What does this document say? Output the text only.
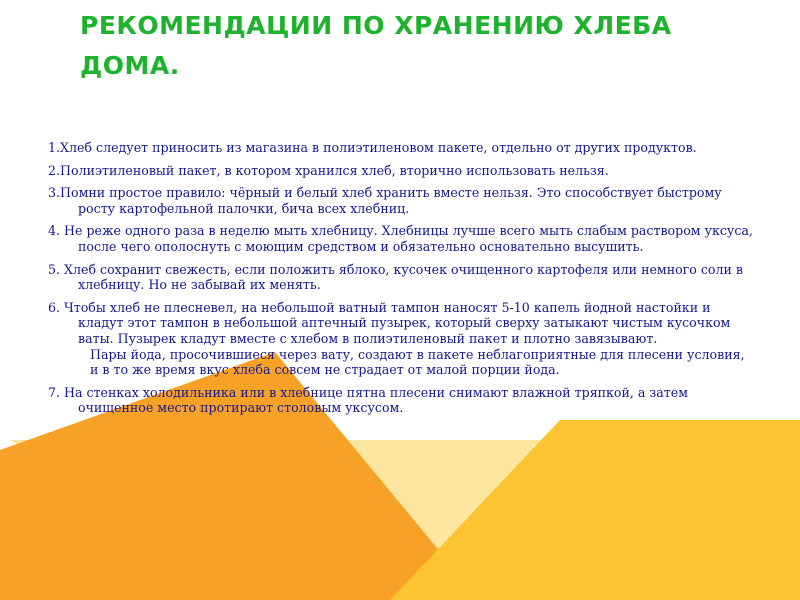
РЕКОМЕНДАЦИИ ПО ХРАНЕНИЮ ХЛЕБА ДОМА.

1.Хлеб следует приносить из магазина в полиэтиленовом пакете, отдельно от других продуктов.

2.Полиэтиленовый пакет, в котором хранился хлеб, вторично использовать нельзя.

3.Помни простое правило: чёрный и белый хлеб хранить вместе нельзя. Это способствует быстрому росту картофельной палочки, бича всех хлебниц.

4. Не реже одного раза в неделю мыть хлебницу. Хлебницы лучше всего мыть слабым раствором уксуса, после чего ополоснуть с моющим средством и обязательно основательно высушить.

5. Хлеб сохранит свежесть, если положить яблоко, кусочек очищенного картофеля или немного соли в хлебницу. Но не забывай их менять.

6. Чтобы хлеб не плесневел, на небольшой ватный тампон наносят 5-10 капель йодной настойки и кладут этот тампон в небольшой аптечный пузырек, который сверху затыкают чистым кусочком ваты. Пузырек кладут вместе с хлебом в полиэтиленовый пакет и плотно завязывают.
Пары йода, просочившиеся через вату, создают в пакете неблагоприятные для плесени условия, и в то же время вкус хлеба совсем не страдает от малой порции йода.

7. На стенках холодильника или в хлебнице пятна плесени снимают влажной тряпкой, а затем очищенное место протирают столовым уксусом.
